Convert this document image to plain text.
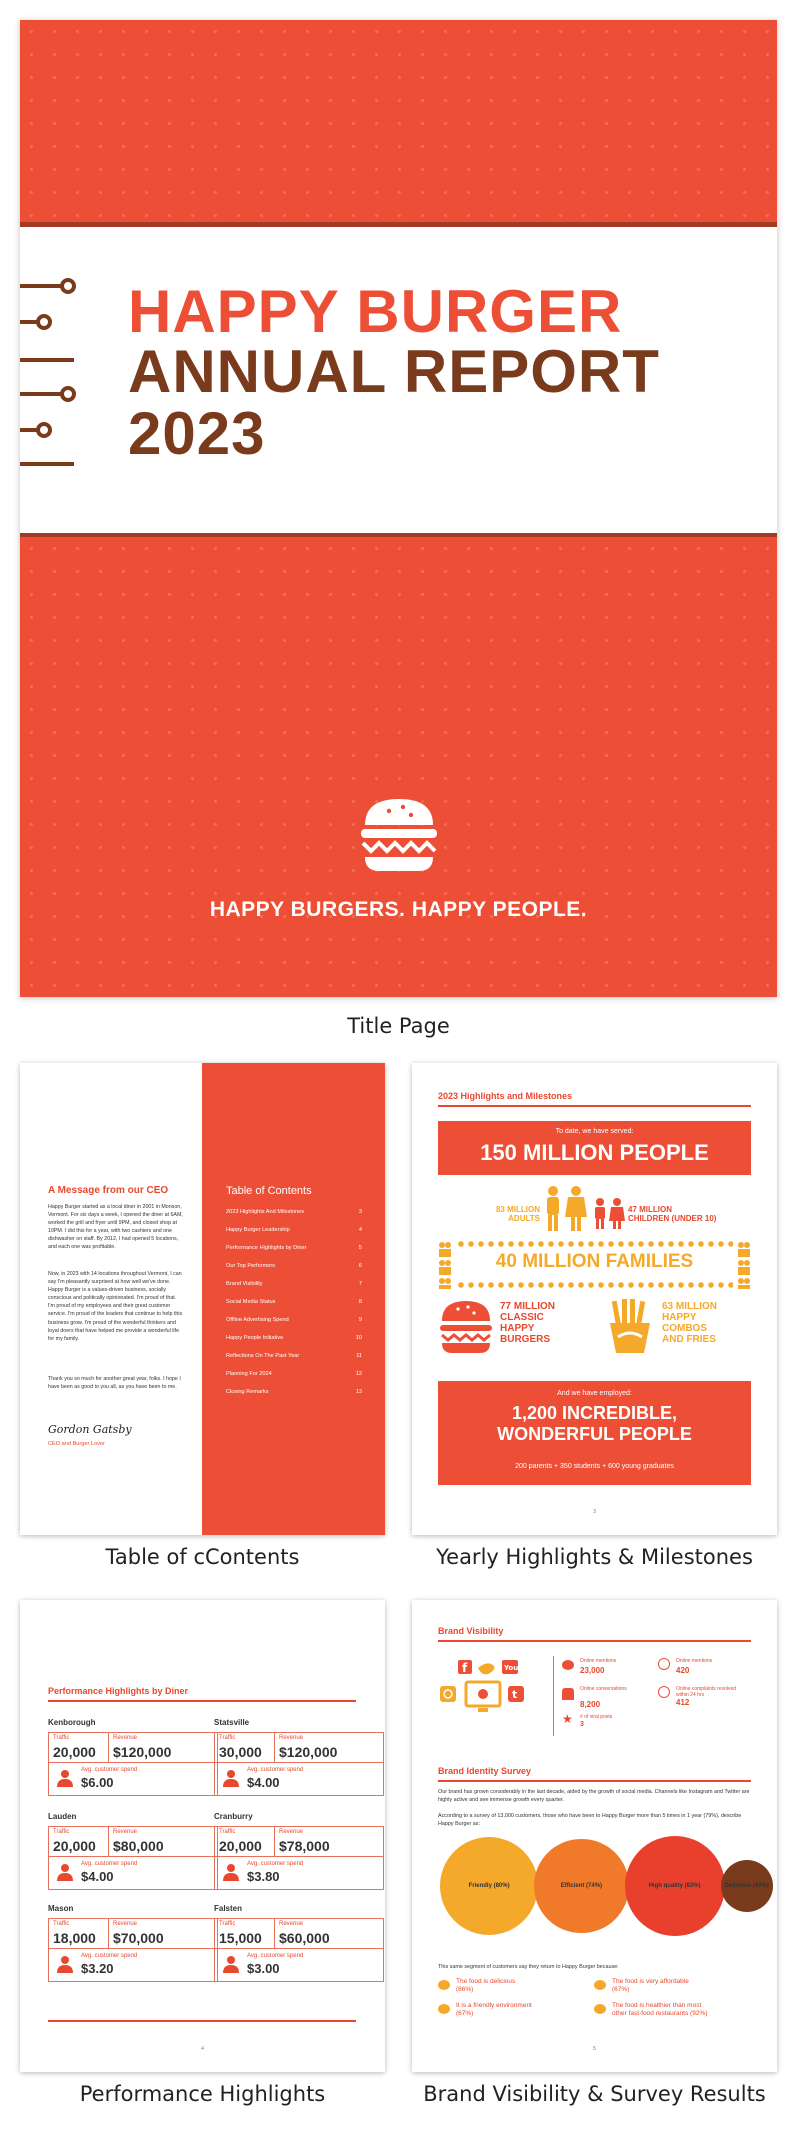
HAPPY BURGER
ANNUAL REPORT
2023
HAPPY BURGERS. HAPPY PEOPLE.
Title Page
A Message from our CEO
Happy Burger started as a local diner in 2001 in Monson, Vermont. For six days a week, I opened the diner at 6AM, worked the grill and fryer until 9PM, and closed shop at 10PM. I did this for a year, with two cashiers and one dishwasher on staff. By 2012, I had opened 5 locations, and each one was profitable.
Now, in 2023 with 14 locations throughout Vermont, I can say I'm pleasantly surprised at how well we've done. Happy Burger is a values-driven business, socially conscious and politically opinionated. I'm proud of that. I'm proud of my employees and their great customer service. I'm proud of the leaders that continue to help this business grow. I'm proud of the wonderful thinkers and loyal doers that have helped me provide a wonderful life for my family.
Thank you so much for another great year, folks. I hope I have been as good to you all, as you have been to me.
Gordon Gatsby
CEO and Burger Lover
Table of Contents
2023 Highlights And Milestones	3
Happy Burger Leadership	4
Performance Highlights by Diner	5
Our Top Performers	6
Brand Visibility	7
Social Media Status	8
Offline Advertising Spend	9
Happy People Initiative	10
Reflections On The Past Year	11
Planning For 2024	12
Closing Remarks	13
Table of cContents
2023 Highlights and Milestones
To date, we have served:
150 MILLION PEOPLE
83 MILLION
ADULTS
47 MILLION
CHILDREN (UNDER 10)
40 MILLION FAMILIES
77 MILLION
CLASSIC
HAPPY
BURGERS
63 MILLION
HAPPY
COMBOS
AND FRIES
And we have employed:
1,200 INCREDIBLE,
WONDERFUL PEOPLE
200 parents + 350 students + 600 young graduates
3
Yearly Highlights & Milestones
Performance Highlights by Diner
4
Kenborough
Traffic
20,000
Revenue
$120,000
Avg. customer spend
$6.00
Statsville
Traffic
30,000
Revenue
$120,000
Avg. customer spend
$4.00
Lauden
Traffic
20,000
Revenue
$80,000
Avg. customer spend
$4.00
Cranburry
Traffic
20,000
Revenue
$78,000
Avg. customer spend
$3.80
Mason
Traffic
18,000
Revenue
$70,000
Avg. customer spend
$3.20
Falsten
Traffic
15,000
Revenue
$60,000
Avg. customer spend
$3.00
Performance Highlights
Brand Visibility
f	You
t
Online mentions
23,000
Online mentions
420
Online conversations
8,200
Online complaints resolved within 24 hrs
412
★ # of viral posts
3
Brand Identity Survey
Our brand has grown considerably in the last decade, aided by the growth of social media. Channels like Instagram and Twitter are highly active and see immense growth every quarter.
According to a survey of 13,000 customers, those who have been to Happy Burger more than 5 times in 1 year (79%), describe Happy Burger as:
Friendly (80%)	Efficient (74%)	High quality (83%)	Delicious (40%)
This same segment of customers say they return to Happy Burger because:
The food is delicious
(86%)
The food is very affordable
(67%)
It is a friendly environment
(67%)
The food is healthier than most
other fast-food restaurants (92%)
5
Brand Visibility & Survey Results
